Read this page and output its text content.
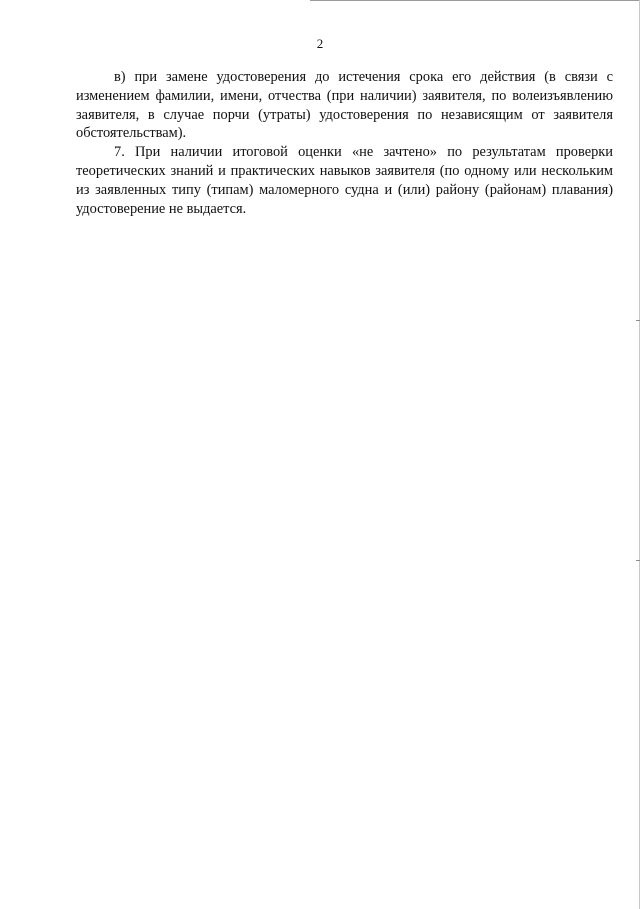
2

в) при замене удостоверения до истечения срока его действия (в связи с изменением фамилии, имени, отчества (при наличии) заявителя, по волеизъявлению заявителя, в случае порчи (утраты) удостоверения по независящим от заявителя обстоятельствам).

7. При наличии итоговой оценки «не зачтено» по результатам проверки теоретических знаний и практических навыков заявителя (по одному или нескольким из заявленных типу (типам) маломерного судна и (или) району (районам) плавания) удостоверение не выдается.
